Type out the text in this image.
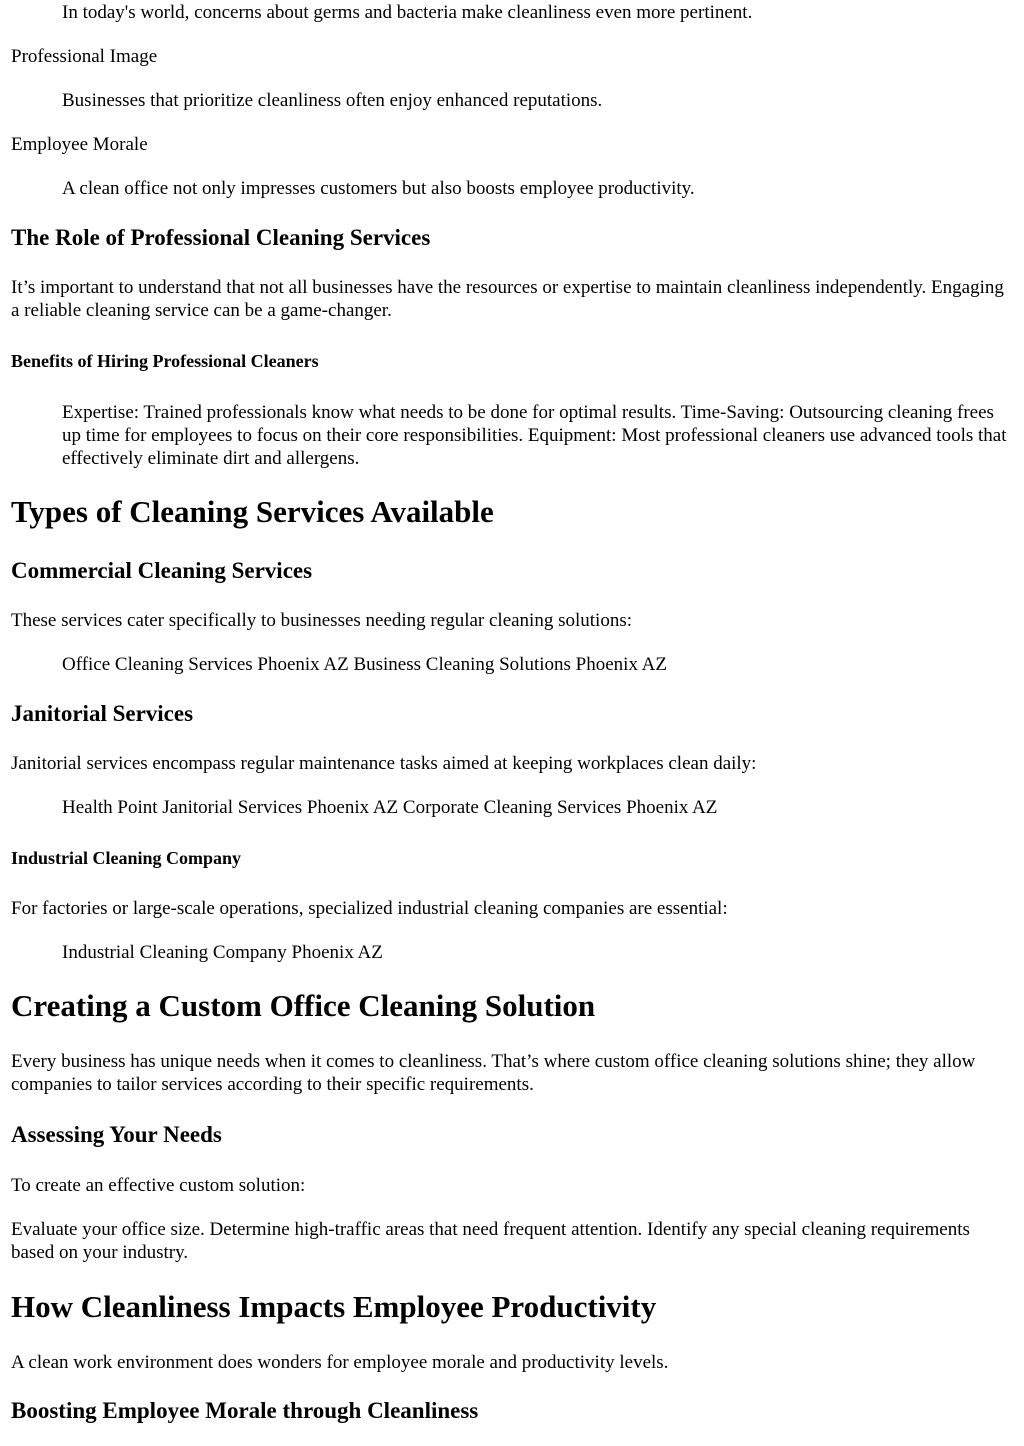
In today's world, concerns about germs and bacteria make cleanliness even more pertinent.

Professional Image

Businesses that prioritize cleanliness often enjoy enhanced reputations.

Employee Morale

A clean office not only impresses customers but also boosts employee productivity.

The Role of Professional Cleaning Services

It’s important to understand that not all businesses have the resources or expertise to maintain cleanliness independently. Engaging a reliable cleaning service can be a game-changer.

Benefits of Hiring Professional Cleaners

Expertise: Trained professionals know what needs to be done for optimal results. Time-Saving: Outsourcing cleaning frees up time for employees to focus on their core responsibilities. Equipment: Most professional cleaners use advanced tools that effectively eliminate dirt and allergens.

Types of Cleaning Services Available
Commercial Cleaning Services

These services cater specifically to businesses needing regular cleaning solutions:

Office Cleaning Services Phoenix AZ Business Cleaning Solutions Phoenix AZ

Janitorial Services

Janitorial services encompass regular maintenance tasks aimed at keeping workplaces clean daily:

Health Point Janitorial Services Phoenix AZ Corporate Cleaning Services Phoenix AZ

Industrial Cleaning Company

For factories or large-scale operations, specialized industrial cleaning companies are essential:

Industrial Cleaning Company Phoenix AZ

Creating a Custom Office Cleaning Solution

Every business has unique needs when it comes to cleanliness. That’s where custom office cleaning solutions shine; they allow companies to tailor services according to their specific requirements.

Assessing Your Needs

To create an effective custom solution:

Evaluate your office size. Determine high-traffic areas that need frequent attention. Identify any special cleaning requirements based on your industry.

How Cleanliness Impacts Employee Productivity

A clean work environment does wonders for employee morale and productivity levels.

Boosting Employee Morale through Cleanliness
